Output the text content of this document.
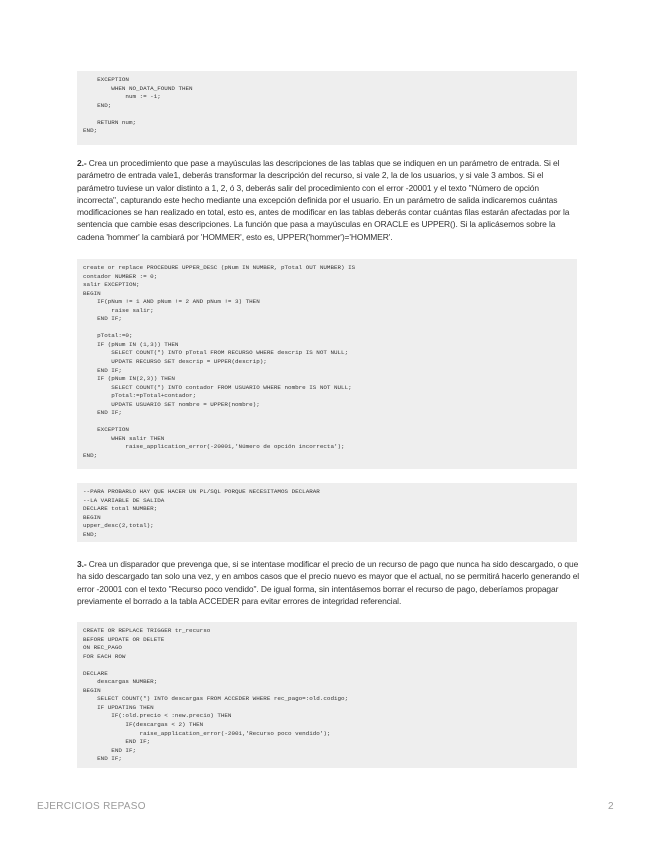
EXCEPTION
WHEN NO_DATA_FOUND THEN
num := -1;
END;

RETURN num;
END;

2.- Crea un procedimiento que pase a mayúsculas las descripciones de las tablas que se indiquen en un parámetro de entrada. Si el parámetro de entrada vale1, deberás transformar la descripción del recurso, si vale 2, la de los usuarios, y si vale 3 ambos. Si el parámetro tuviese un valor distinto a 1, 2, ó 3, deberás salir del procedimiento con el error -20001 y el texto "Número de opción incorrecta", capturando este hecho mediante una excepción definida por el usuario. En un parámetro de salida indicaremos cuántas modificaciones se han realizado en total, esto es, antes de modificar en las tablas deberás contar cuántas filas estarán afectadas por la sentencia que cambie esas descripciones. La función que pasa a mayúsculas en ORACLE es UPPER(). Si la aplicásemos sobre la cadena 'hommer' la cambiará por 'HOMMER', esto es, UPPER('hommer')='HOMMER'.

create or replace PROCEDURE UPPER_DESC (pNum IN NUMBER, pTotal OUT NUMBER) IS
contador NUMBER := 0;
salir EXCEPTION;
BEGIN
IF(pNum != 1 AND pNum != 2 AND pNum != 3) THEN
raise salir;
END IF;

pTotal:=0;
IF (pNum IN (1,3)) THEN
SELECT COUNT(*) INTO pTotal FROM RECURSO WHERE descrip IS NOT NULL;
UPDATE RECURSO SET descrip = UPPER(descrip);
END IF;
IF (pNum IN(2,3)) THEN
SELECT COUNT(*) INTO contador FROM USUARIO WHERE nombre IS NOT NULL;
pTotal:=pTotal+contador;
UPDATE USUARIO SET nombre = UPPER(nombre);
END IF;

EXCEPTION
WHEN salir THEN
raise_application_error(-20001,'Número de opción incorrecta');
END;
--PARA PROBARLO HAY QUE HACER UN PL/SQL PORQUE NECESITAMOS DECLARAR
--LA VARIABLE DE SALIDA
DECLARE total NUMBER;
BEGIN
upper_desc(2,total);
END;

3.- Crea un disparador que prevenga que, si se intentase modificar el precio de un recurso de pago que nunca ha sido descargado, o que ha sido descargado tan solo una vez, y en ambos casos que el precio nuevo es mayor que el actual, no se permitirá hacerlo generando el error -20001 con el texto "Recurso poco vendido". De igual forma, sin intentásemos borrar el recurso de pago, deberíamos propagar previamente el borrado a la tabla ACCEDER para evitar errores de integridad referencial.

CREATE OR REPLACE TRIGGER tr_recurso
BEFORE UPDATE OR DELETE
ON REC_PAGO
FOR EACH ROW

DECLARE
descargas NUMBER;
BEGIN
SELECT COUNT(*) INTO descargas FROM ACCEDER WHERE rec_pago=:old.codigo;
IF UPDATING THEN
IF(:old.precio < :new.precio) THEN
IF(descargas < 2) THEN
raise_application_error(-2001,'Recurso poco vendido');
END IF;
END IF;
END IF;
EJERCICIOS REPASO	2
